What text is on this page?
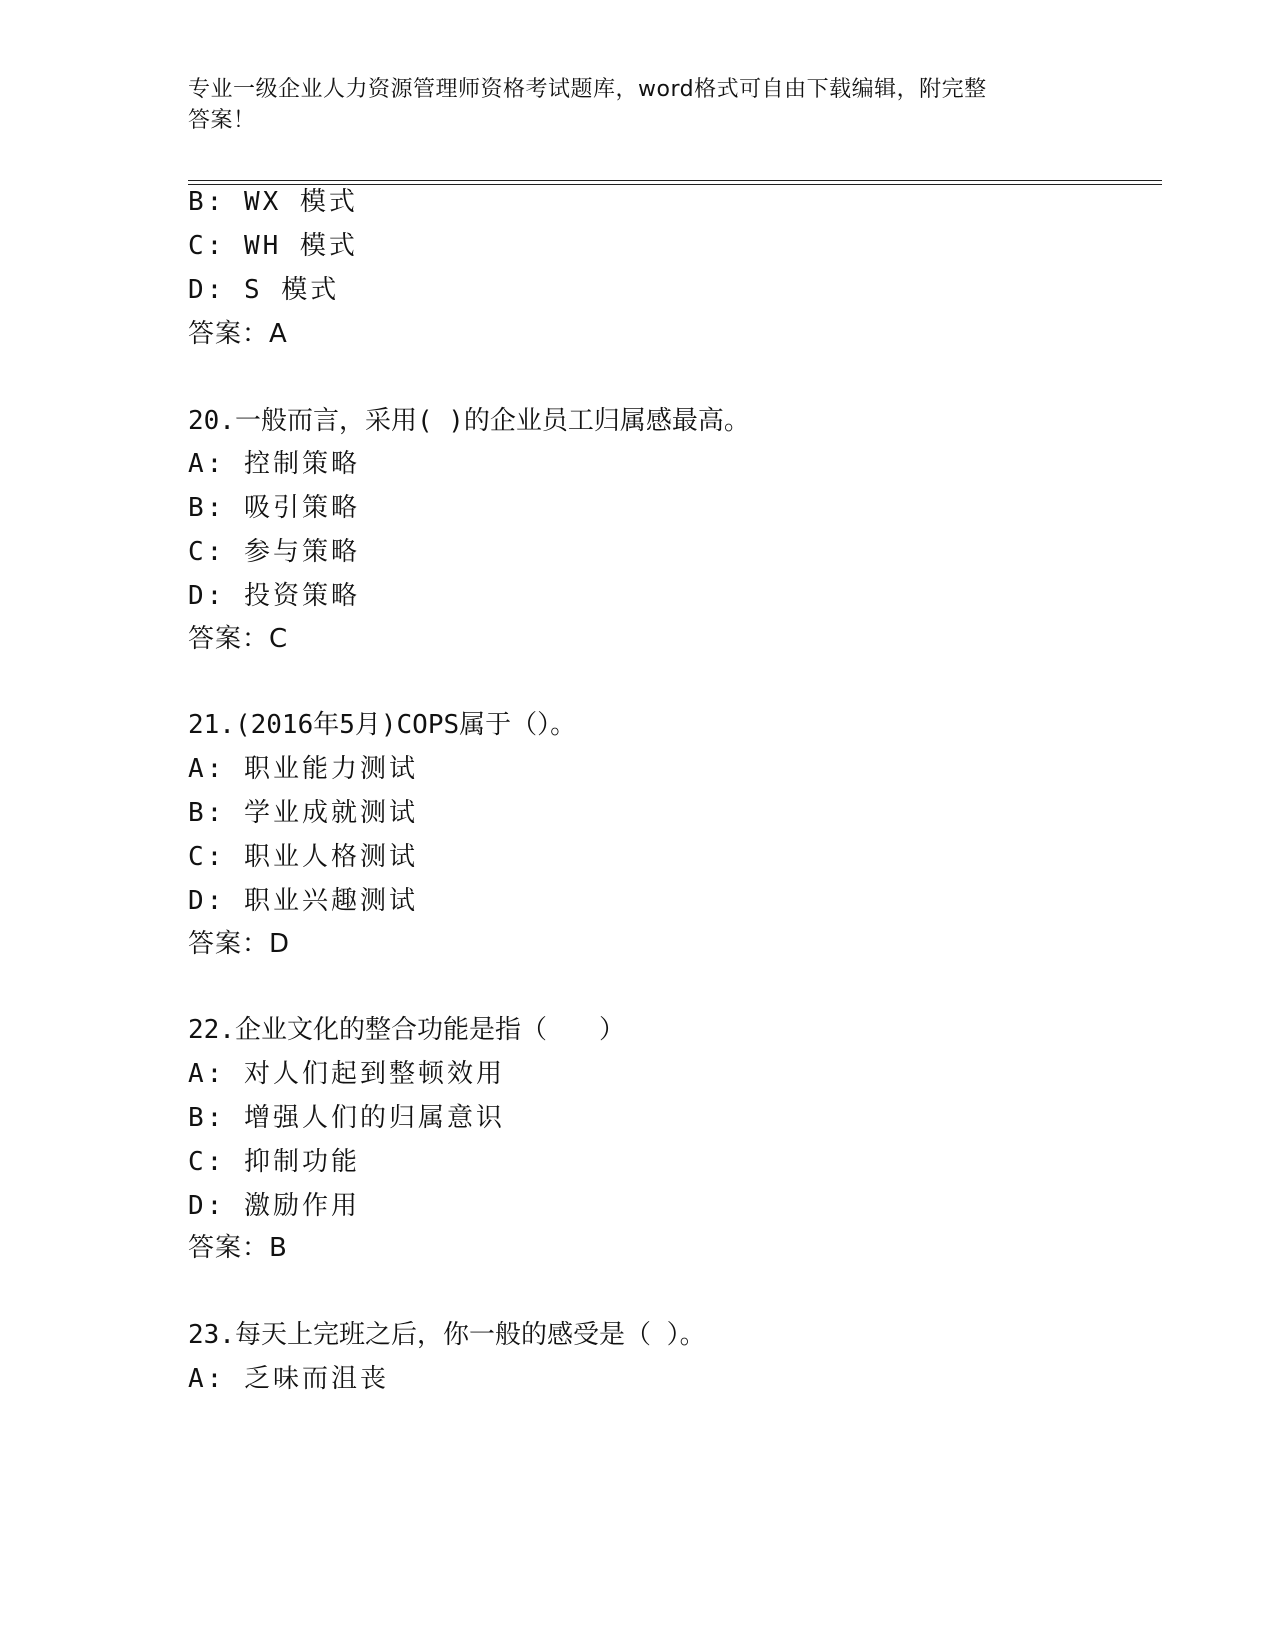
专业一级企业人力资源管理师资格考试题库，word格式可自由下载编辑，附完整
答案！
B: WX 模式
C: WH 模式
D: S 模式
答案：A
20.一般而言，采用( )的企业员工归属感最高。
A: 控制策略
B: 吸引策略
C: 参与策略
D: 投资策略
答案：C
21.(2016年5月)COPS属于（）。
A: 职业能力测试
B: 学业成就测试
C: 职业人格测试
D: 职业兴趣测试
答案：D
22.企业文化的整合功能是指（　　）
A: 对人们起到整顿效用
B: 增强人们的归属意识
C: 抑制功能
D: 激励作用
答案：B
23.每天上完班之后，你一般的感受是（ ）。
A: 乏味而沮丧
